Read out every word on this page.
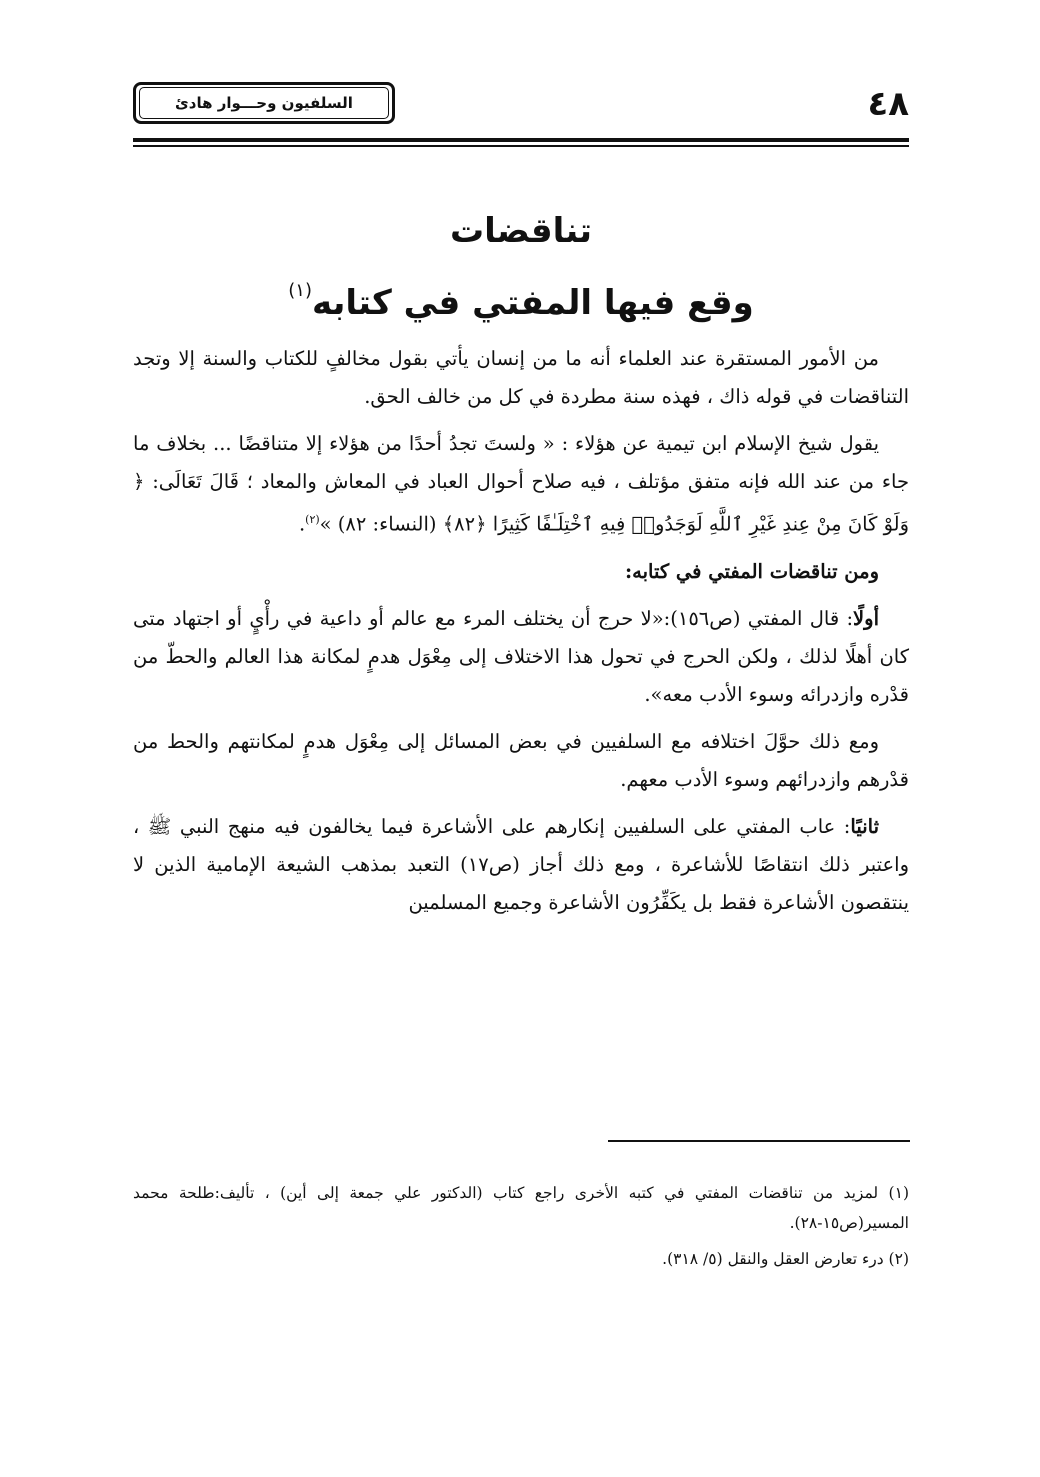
السلفيون وحـــوار هادئ	٤٨
تناقضات
وقع فيها المفتي في كتابه$^{(١)}$

من الأمور المستقرة عند العلماء أنه ما من إنسان يأتي بقول مخالفٍ للكتاب والسنة إلا وتجد التناقضات في قوله ذاك ، فهذه سنة مطردة في كل من خالف الحق.

يقول شيخ الإسلام ابن تيمية عن هؤلاء : « ولستَ تجدُ أحدًا من هؤلاء إلا متناقضًا ... بخلاف ما جاء من عند الله فإنه متفق مؤتلف ، فيه صلاح أحوال العباد في المعاش والمعاد ؛ قَالَ تَعَالَى: ﴿ وَلَوْ كَانَ مِنْ عِندِ غَيْرِ ٱللَّهِ لَوَجَدُوا۟ فِيهِ ٱخْتِلَـٰفًا كَثِيرًا ﴿٨٢﴾ (النساء: ٨٢) »$^{(٢)}$.

ومن تناقضات المفتي في كتابه:

أولًا: قال المفتي (ص١٥٦):«لا حرج أن يختلف المرء مع عالم أو داعية في رأْيٍ أو اجتهاد متى كان أهلًا لذلك ، ولكن الحرج في تحول هذا الاختلاف إلى مِعْوَل هدمٍ لمكانة هذا العالم والحطّ من قدْره وازدرائه وسوء الأدب معه».

ومع ذلك حوَّلَ اختلافه مع السلفيين في بعض المسائل إلى مِعْوَل هدمٍ لمكانتهم والحط من قدْرهم وازدرائهم وسوء الأدب معهم.

ثانيًا: عاب المفتي على السلفيين إنكارهم على الأشاعرة فيما يخالفون فيه منهج النبي ﷺ ، واعتبر ذلك انتقاصًا للأشاعرة ، ومع ذلك أجاز (ص١٧) التعبد بمذهب الشيعة الإمامية الذين لا ينتقصون الأشاعرة فقط بل يكَفِّرُون الأشاعرة وجميع المسلمين

(١) لمزيد من تناقضات المفتي في كتبه الأخرى راجع كتاب (الدكتور علي جمعة إلى أين) ، تأليف:طلحة محمد المسير(ص١٥-٢٨).

(٢) درء تعارض العقل والنقل (٥/ ٣١٨).
